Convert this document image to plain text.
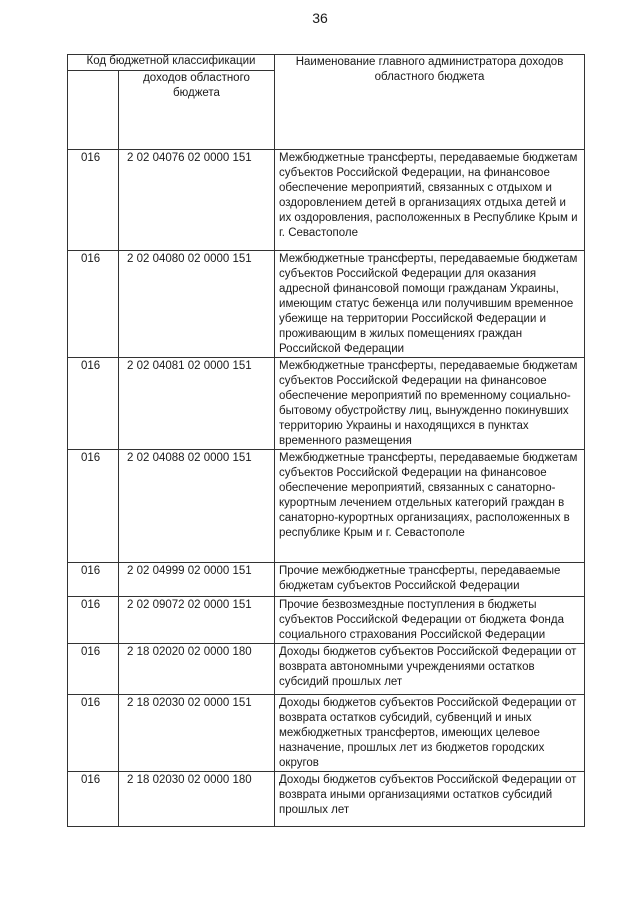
36
Код бюджетной классификации		Наименование главного администратора доходов областного бюджета
	доходов областного бюджета	
016	2 02 04076 02 0000 151	Межбюджетные трансферты, передаваемые бюджетам субъектов Российской Федерации, на финансовое обеспечение мероприятий, связанных с отдыхом и оздоровлением детей в организациях отдыха детей и их оздоровления, расположенных в Республике Крым и г. Севастополе
016	2 02 04080 02 0000 151	Межбюджетные трансферты, передаваемые бюджетам субъектов Российской Федерации для оказания адресной финансовой помощи гражданам Украины, имеющим статус беженца или получившим временное убежище на территории Российской Федерации и проживающим в жилых помещениях граждан Российской Федерации
016	2 02 04081 02 0000 151	Межбюджетные трансферты, передаваемые бюджетам субъектов Российской Федерации на финансовое обеспечение мероприятий по временному социально-бытовому обустройству лиц, вынужденно покинувших территорию Украины и находящихся в пунктах временного размещения
016	2 02 04088 02 0000 151	Межбюджетные трансферты, передаваемые бюджетам субъектов Российской Федерации на финансовое обеспечение мероприятий, связанных с санаторно-курортным лечением отдельных категорий граждан в санаторно-курортных организациях, расположенных в республике Крым и г. Севастополе
016	2 02 04999 02 0000 151	Прочие межбюджетные трансферты, передаваемые бюджетам субъектов Российской Федерации
016	2 02 09072 02 0000 151	Прочие безвозмездные поступления в бюджеты субъектов Российской Федерации от бюджета Фонда социального страхования Российской Федерации
016	2 18 02020 02 0000 180	Доходы бюджетов субъектов Российской Федерации от возврата автономными учреждениями остатков субсидий прошлых лет
016	2 18 02030 02 0000 151	Доходы бюджетов субъектов Российской Федерации от возврата остатков субсидий, субвенций и иных межбюджетных трансфертов, имеющих целевое назначение, прошлых лет из бюджетов городских округов
016	2 18 02030 02 0000 180	Доходы бюджетов субъектов Российской Федерации от возврата иными организациями остатков субсидий прошлых лет
